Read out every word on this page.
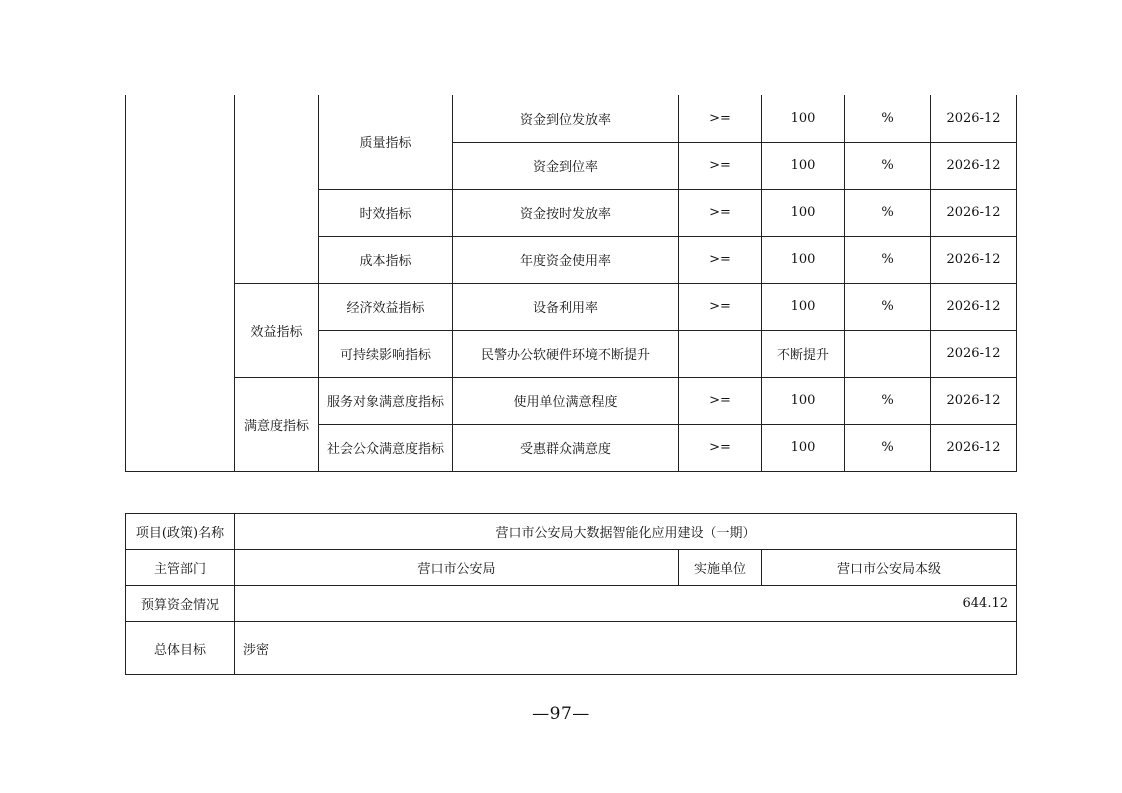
		质量指标	资金到位发放率	>=	100	%	2026-12
			资金到位率	>=	100	%	2026-12
		时效指标	资金按时发放率	>=	100	%	2026-12
		成本指标	年度资金使用率	>=	100	%	2026-12
	效益指标	经济效益指标	设备利用率	>=	100	%	2026-12
		可持续影响指标	民警办公软硬件环境不断提升		不断提升		2026-12
	满意度指标	服务对象满意度指标	使用单位满意程度	>=	100	%	2026-12
		社会公众满意度指标	受惠群众满意度	>=	100	%	2026-12
项目(政策)名称	营口市公安局大数据智能化应用建设（一期）		
主管部门	营口市公安局	实施单位	营口市公安局本级
预算资金情况	644.12		
总体目标	涉密		
—97—
